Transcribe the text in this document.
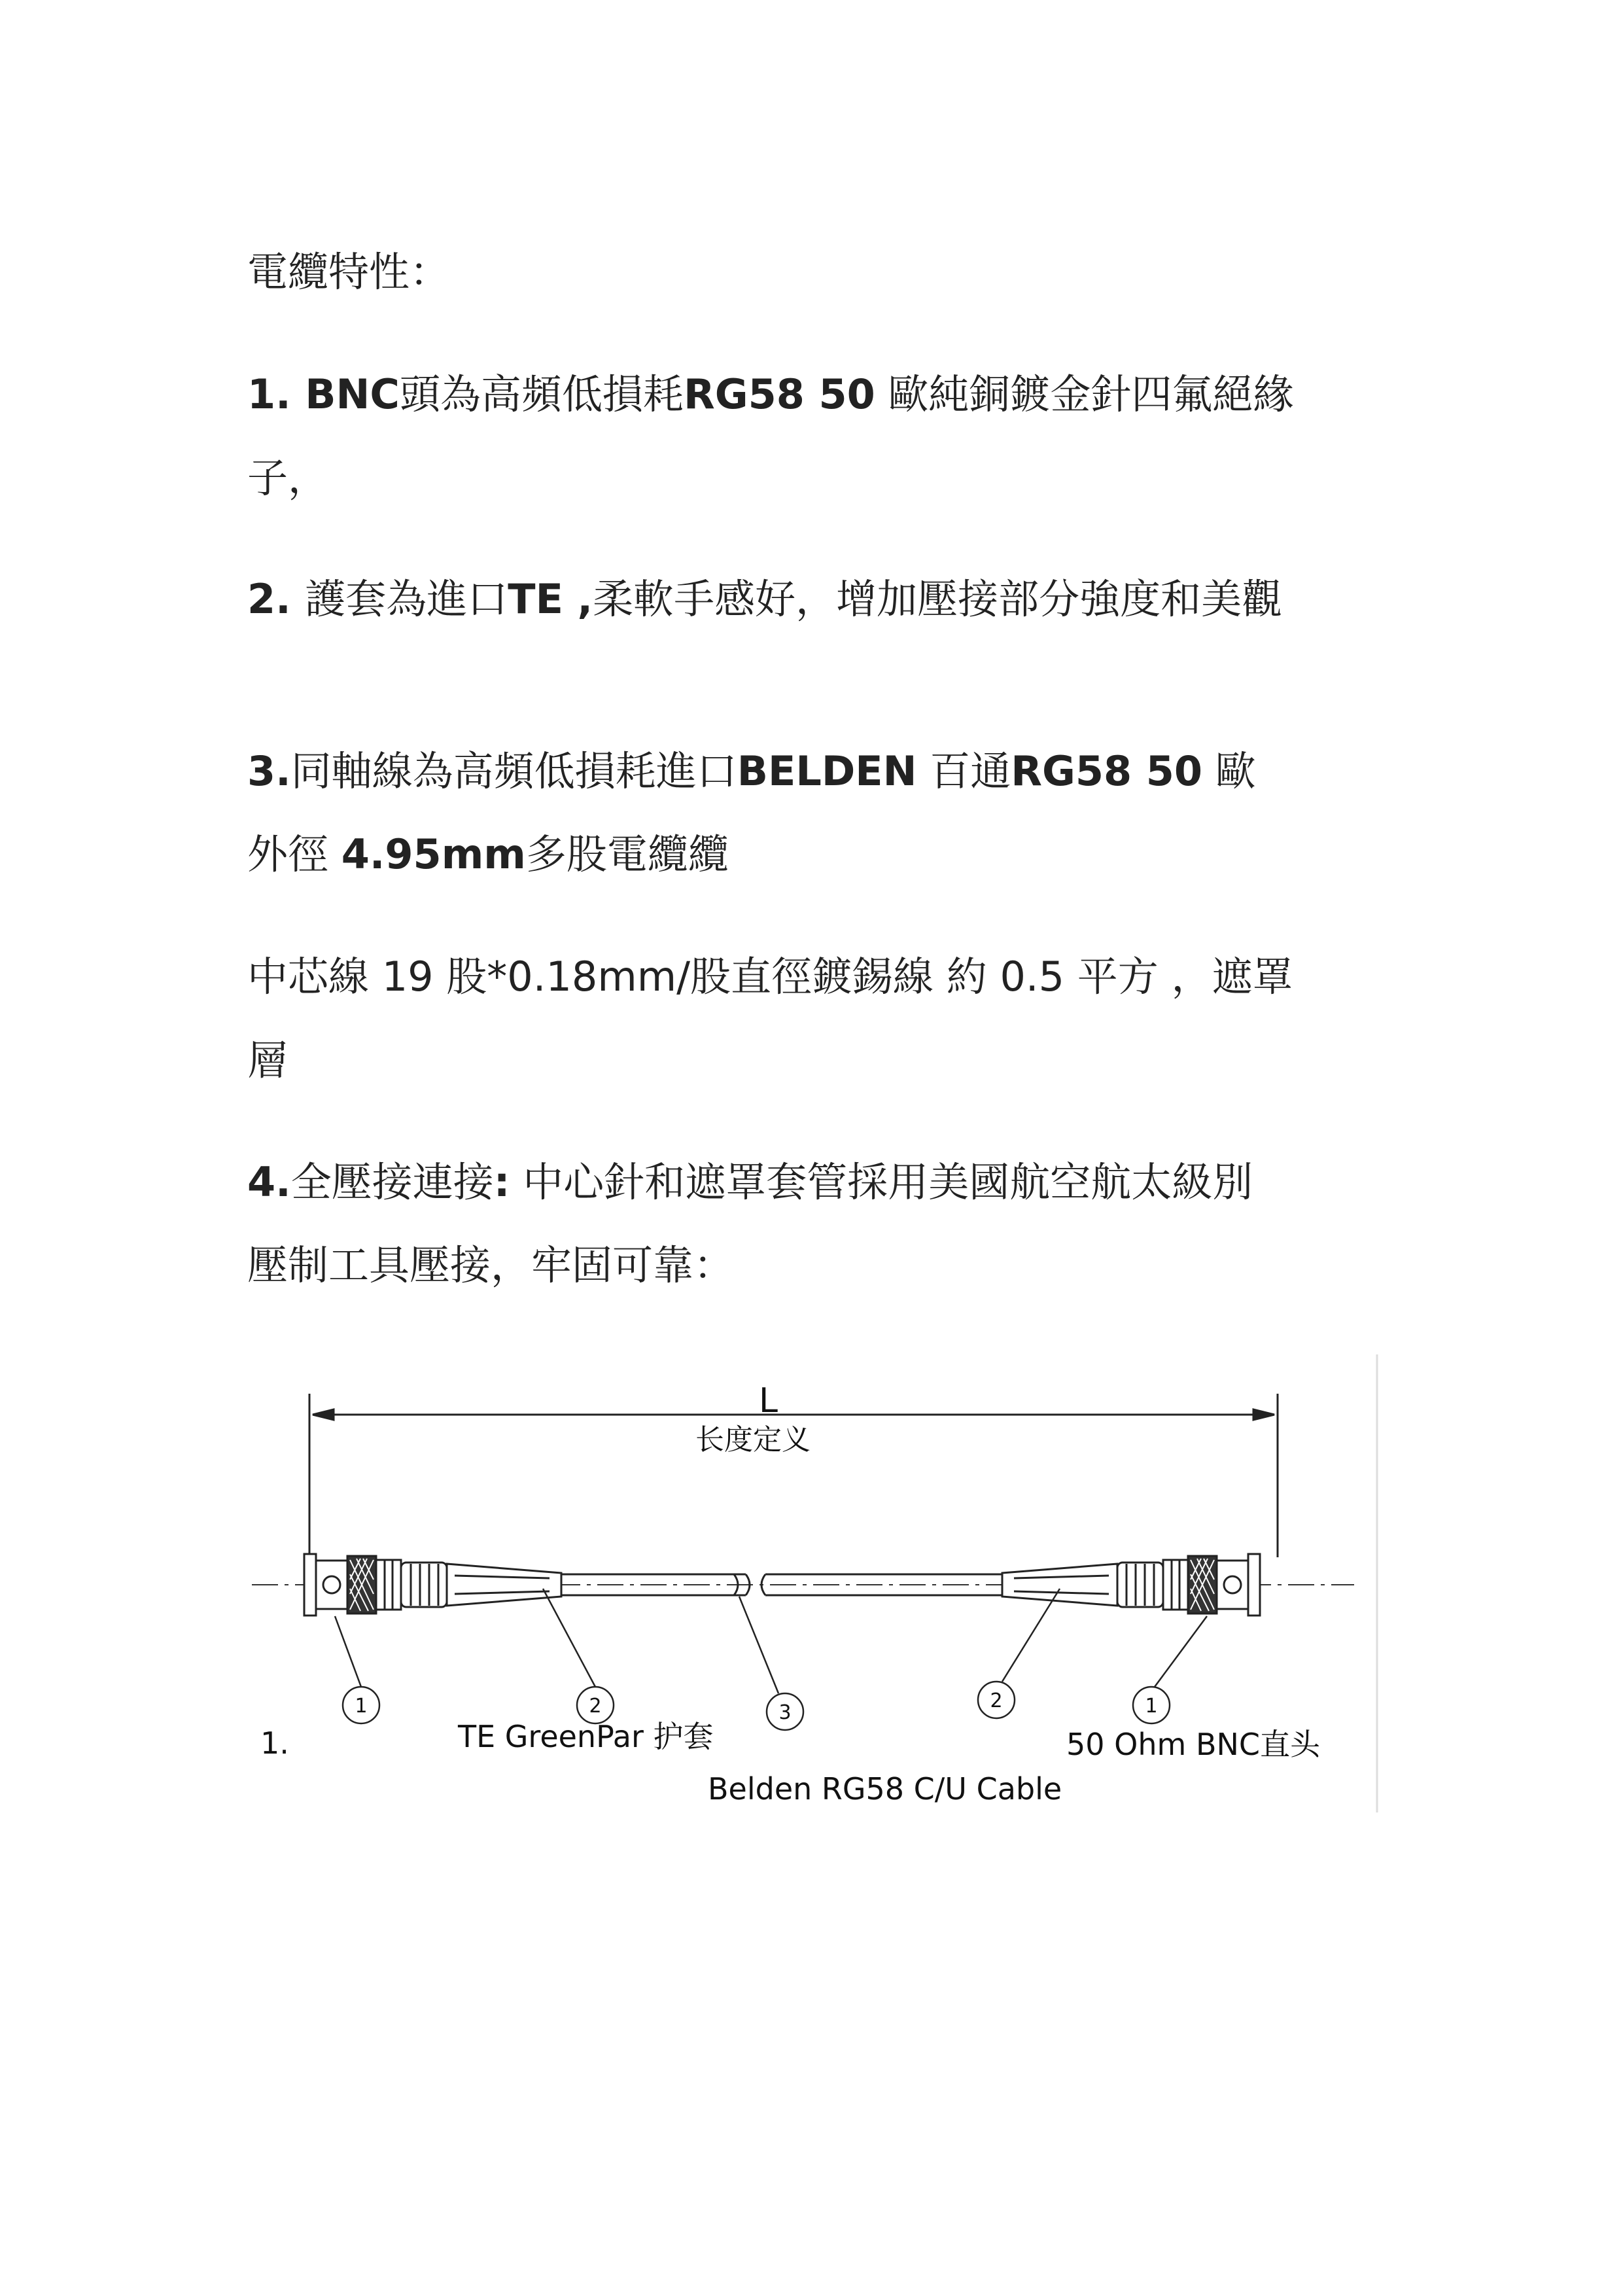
電纜特性：
1. BNC頭為高頻低損耗RG58 50 歐純銅鍍金針四氟絕緣
子，
2. 護套為進口TE ,柔軟手感好，增加壓接部分強度和美觀
3.同軸線為高頻低損耗進口BELDEN 百通RG58 50 歐
外徑 4.95mm多股電纜纜
中芯線 19 股*0.18mm/股直徑鍍錫線 約 0.5 平方 ，遮罩
層
4.全壓接連接: 中心針和遮罩套管採用美國航空航太級別
壓制工具壓接，牢固可靠：
L
长度定义
1	2	3
2	1
1.	TE GreenPar 护套	50 Ohm BNC直头
Belden RG58 C/U Cable
